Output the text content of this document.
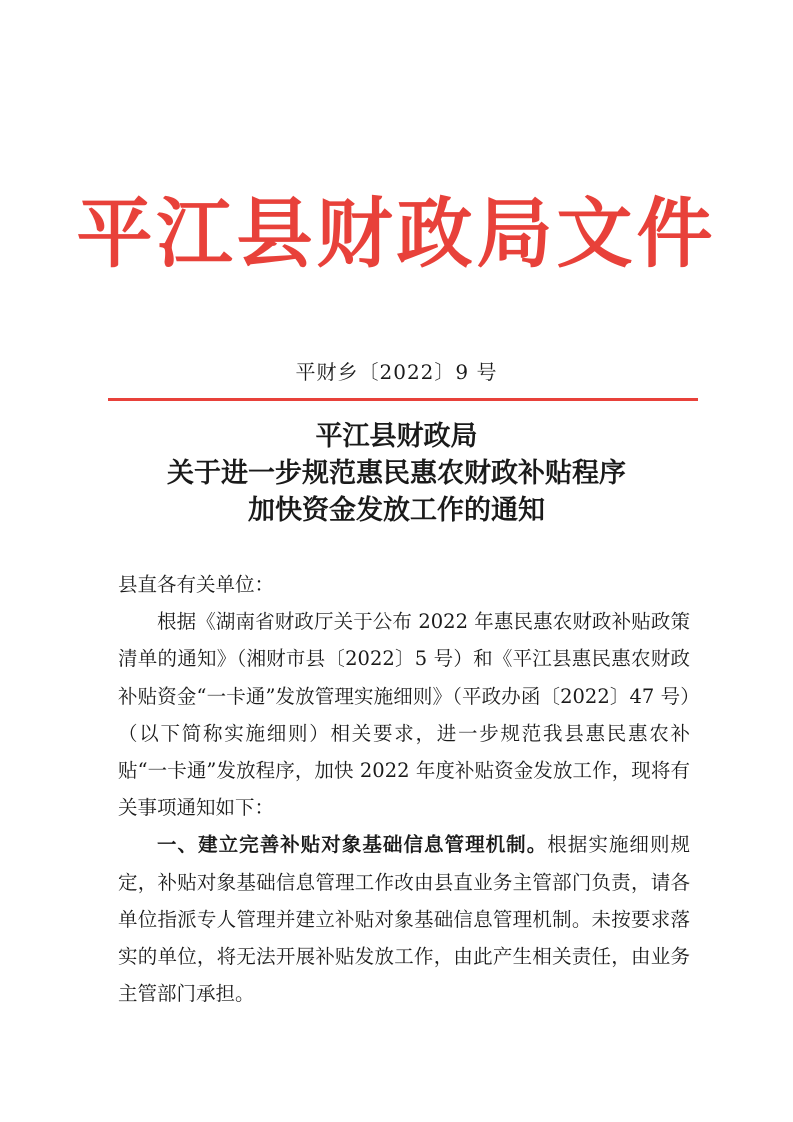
平江县财政局文件
平财乡〔2022〕9 号
平江县财政局
关于进一步规范惠民惠农财政补贴程序
加快资金发放工作的通知

县直各有关单位：

根据《湖南省财政厅关于公布 2022 年惠民惠农财政补贴政策清单的通知》（湘财市县〔2022〕5 号）和《平江县惠民惠农财政补贴资金“一卡通”发放管理实施细则》（平政办函〔2022〕47 号）（以下简称实施细则）相关要求，进一步规范我县惠民惠农补贴“一卡通”发放程序，加快 2022 年度补贴资金发放工作，现将有关事项通知如下：

一、建立完善补贴对象基础信息管理机制。根据实施细则规定，补贴对象基础信息管理工作改由县直业务主管部门负责，请各单位指派专人管理并建立补贴对象基础信息管理机制。未按要求落实的单位，将无法开展补贴发放工作，由此产生相关责任，由业务主管部门承担。
